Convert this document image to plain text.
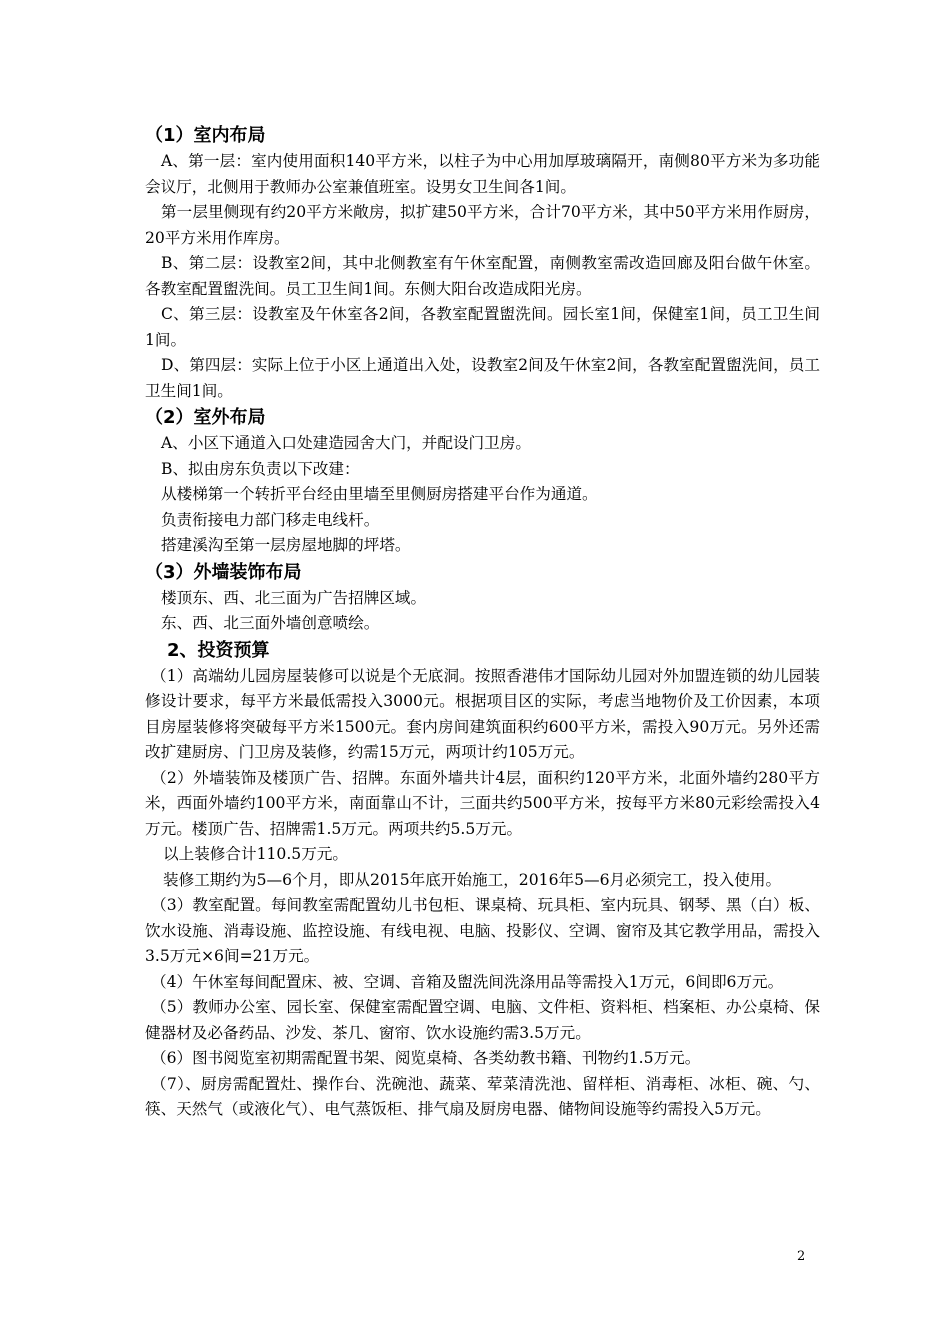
（1）室内布局
A、第一层：室内使用面积140平方米，以柱子为中心用加厚玻璃隔开，南侧80平方米为多功能会议厅，北侧用于教师办公室兼值班室。设男女卫生间各1间。
第一层里侧现有约20平方米敞房，拟扩建50平方米，合计70平方米，其中50平方米用作厨房，20平方米用作库房。
B、第二层：设教室2间，其中北侧教室有午休室配置，南侧教室需改造回廊及阳台做午休室。各教室配置盥洗间。员工卫生间1间。东侧大阳台改造成阳光房。
C、第三层：设教室及午休室各2间，各教室配置盥洗间。园长室1间，保健室1间，员工卫生间1间。
D、第四层：实际上位于小区上通道出入处，设教室2间及午休室2间，各教室配置盥洗间，员工卫生间1间。
（2）室外布局
A、小区下通道入口处建造园舍大门，并配设门卫房。
B、拟由房东负责以下改建：
从楼梯第一个转折平台经由里墙至里侧厨房搭建平台作为通道。
负责衔接电力部门移走电线杆。
搭建溪沟至第一层房屋地脚的坪塔。
（3）外墙装饰布局
楼顶东、西、北三面为广告招牌区域。
东、西、北三面外墙创意喷绘。
2、投资预算
（1）高端幼儿园房屋装修可以说是个无底洞。按照香港伟才国际幼儿园对外加盟连锁的幼儿园装修设计要求，每平方米最低需投入3000元。根据项目区的实际，考虑当地物价及工价因素，本项目房屋装修将突破每平方米1500元。套内房间建筑面积约600平方米，需投入90万元。另外还需改扩建厨房、门卫房及装修，约需15万元，两项计约105万元。
（2）外墙装饰及楼顶广告、招牌。东面外墙共计4层，面积约120平方米，北面外墙约280平方米，西面外墙约100平方米，南面靠山不计，三面共约500平方米，按每平方米80元彩绘需投入4万元。楼顶广告、招牌需1.5万元。两项共约5.5万元。
以上装修合计110.5万元。
装修工期约为5—6个月，即从2015年底开始施工，2016年5—6月必须完工，投入使用。
（3）教室配置。每间教室需配置幼儿书包柜、课桌椅、玩具柜、室内玩具、钢琴、黑（白）板、饮水设施、消毒设施、监控设施、有线电视、电脑、投影仪、空调、窗帘及其它教学用品，需投入3.5万元×6间=21万元。
（4）午休室每间配置床、被、空调、音箱及盥洗间洗涤用品等需投入1万元，6间即6万元。
（5）教师办公室、园长室、保健室需配置空调、电脑、文件柜、资料柜、档案柜、办公桌椅、保健器材及必备药品、沙发、茶几、窗帘、饮水设施约需3.5万元。
（6）图书阅览室初期需配置书架、阅览桌椅、各类幼教书籍、刊物约1.5万元。
（7）、厨房需配置灶、操作台、洗碗池、蔬菜、荤菜清洗池、留样柜、消毒柜、冰柜、碗、勺、筷、天然气（或液化气）、电气蒸饭柜、排气扇及厨房电器、储物间设施等约需投入5万元。
2
